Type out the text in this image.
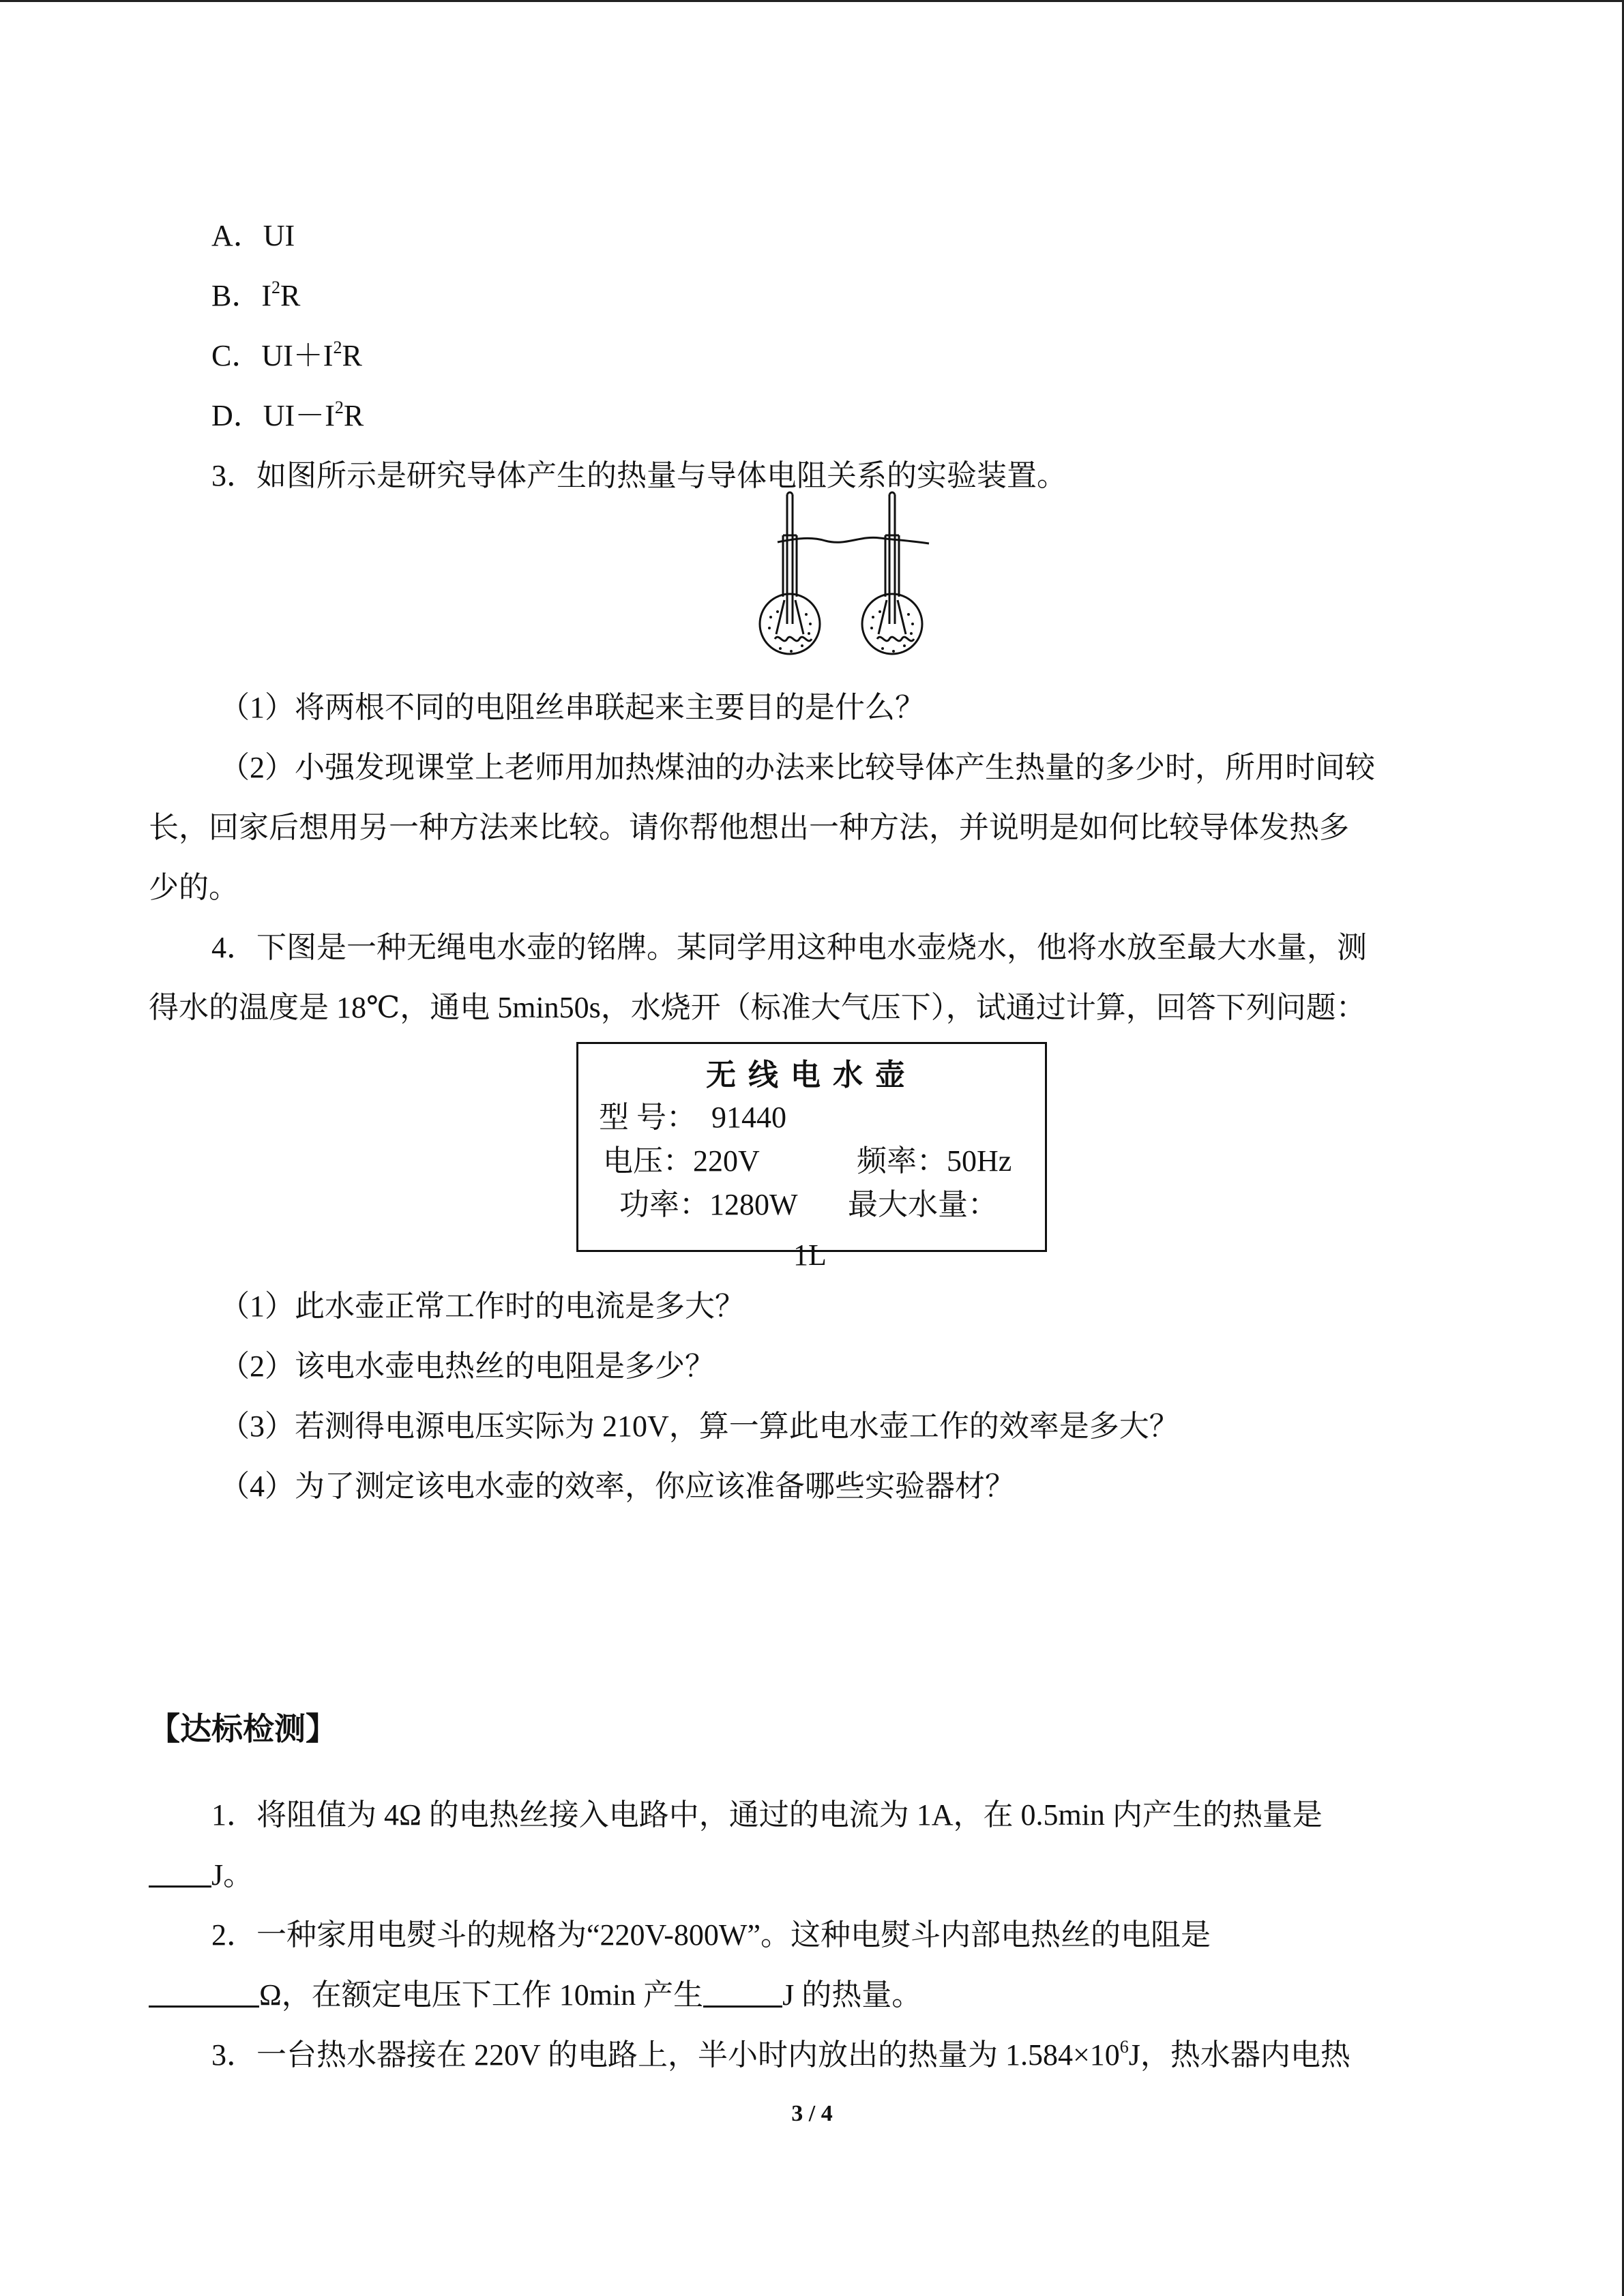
A．UI
B．$I^2R$
C．$UI+I^2R$
D．$UI-I^2R$
3．如图所示是研究导体产生的热量与导体电阻关系的实验装置。
（1）将两根不同的电阻丝串联起来主要目的是什么？
（2）小强发现课堂上老师用加热煤油的办法来比较导体产生热量的多少时，所用时间较
长，回家后想用另一种方法来比较。请你帮他想出一种方法，并说明是如何比较导体发热多
少的。
4．下图是一种无绳电水壶的铭牌。某同学用这种电水壶烧水，他将水放至最大水量，测
得水的温度是 18℃，通电 5min50s，水烧开（标准大气压下），试通过计算，回答下列问题：
无线电水壶
型 号： 91440
电压：220V	频率：50Hz
功率：1280W 最大水量：
1L
（1）此水壶正常工作时的电流是多大？
（2）该电水壶电热丝的电阻是多少？
（3）若测得电源电压实际为 210V，算一算此电水壶工作的效率是多大？
（4）为了测定该电水壶的效率，你应该准备哪些实验器材？
【达标检测】
1．将阻值为 4Ω 的电热丝接入电路中，通过的电流为 1A，在 0.5min 内产生的热量是
J。
2．一种家用电熨斗的规格为“220V-800W”。这种电熨斗内部电热丝的电阻是
Ω，在额定电压下工作 10min 产生	J 的热量。
3．一台热水器接在 220V 的电路上，半小时内放出的热量为 $1.584\times 10^6J$，热水器内电热
3 / 4
